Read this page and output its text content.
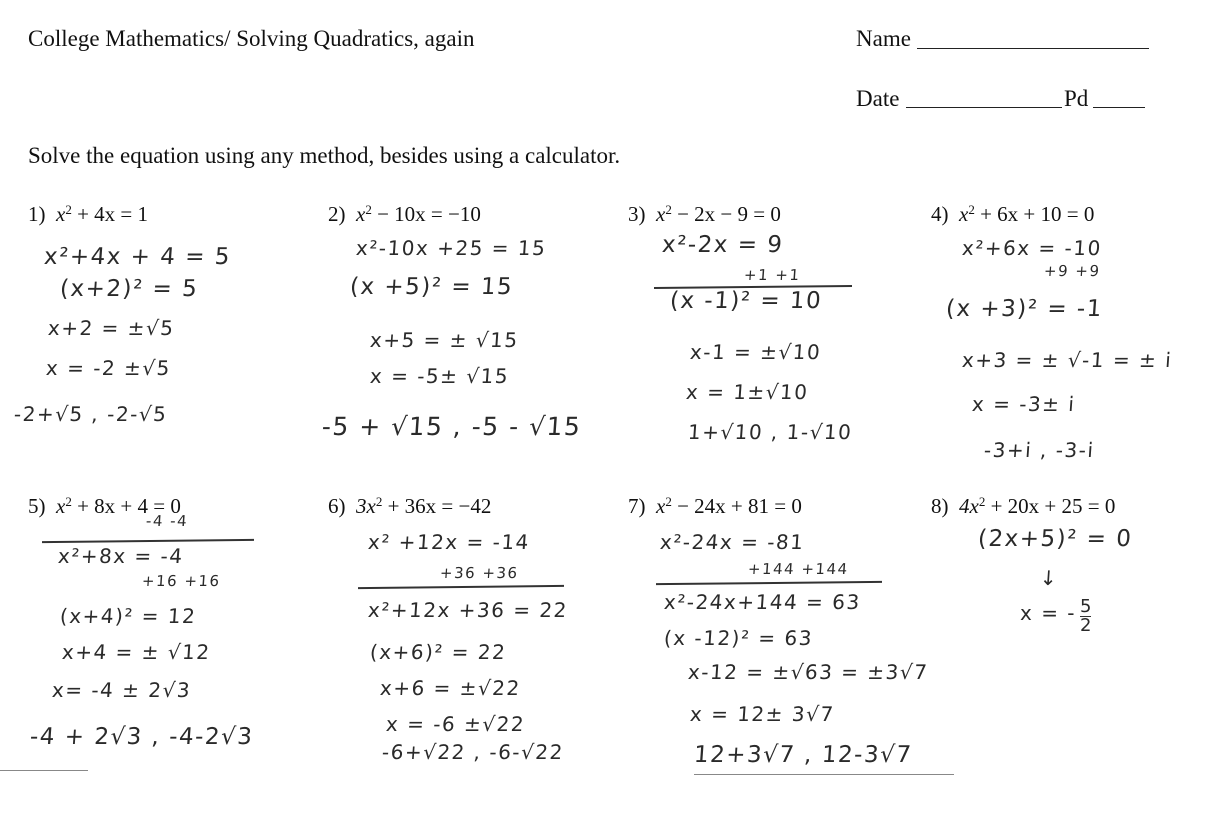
College Mathematics/ Solving Quadratics, again	Name
Date	Pd
Solve the equation using any method, besides using a calculator.
1) $x^2 + 4x = 1$	2) $x^2 - 10x = -10$	3) $x^2 - 2x - 9 = 0$	4) $x^2 + 6x + 10 = 0$
5) $x^2 + 8x + 4 = 0$	6) $3x^2 + 36x = -42$	7) $x^2 - 24x + 81 = 0$	8) $4x^2 + 20x + 25 = 0$
x²+4x + 4 = 5
(x+2)² = 5
x+2 = ±√5
x = -2 ±√5
-2+√5 , -2-√5
x²-10x +25 = 15
(x +5)² = 15
x+5 = ± √15
x = -5± √15
-5 + √15 , -5 - √15
x²-2x = 9
+1 +1
(x -1)² = 10
x-1 = ±√10
x = 1±√10
1+√10 , 1-√10
x²+6x = -10
+9 +9
(x +3)² = -1
x+3 = ± √-1 = ± i
x = -3± i
-3+i , -3-i
-4 -4
x²+8x = -4
+16 +16
(x+4)² = 12
x+4 = ± √12
x= -4 ± 2√3
-4 + 2√3 , -4-2√3
x² +12x = -14
+36 +36
x²+12x +36 = 22
(x+6)² = 22
x+6 = ±√22
x = -6 ±√22
-6+√22 , -6-√22
x²-24x = -81
+144 +144
x²-24x+144 = 63
(x -12)² = 63
x-12 = ±√63 = ±3√7
x = 12± 3√7
12+3√7 , 12-3√7
(2x+5)² = 0
↓
x = - $\frac{5}{2}$
